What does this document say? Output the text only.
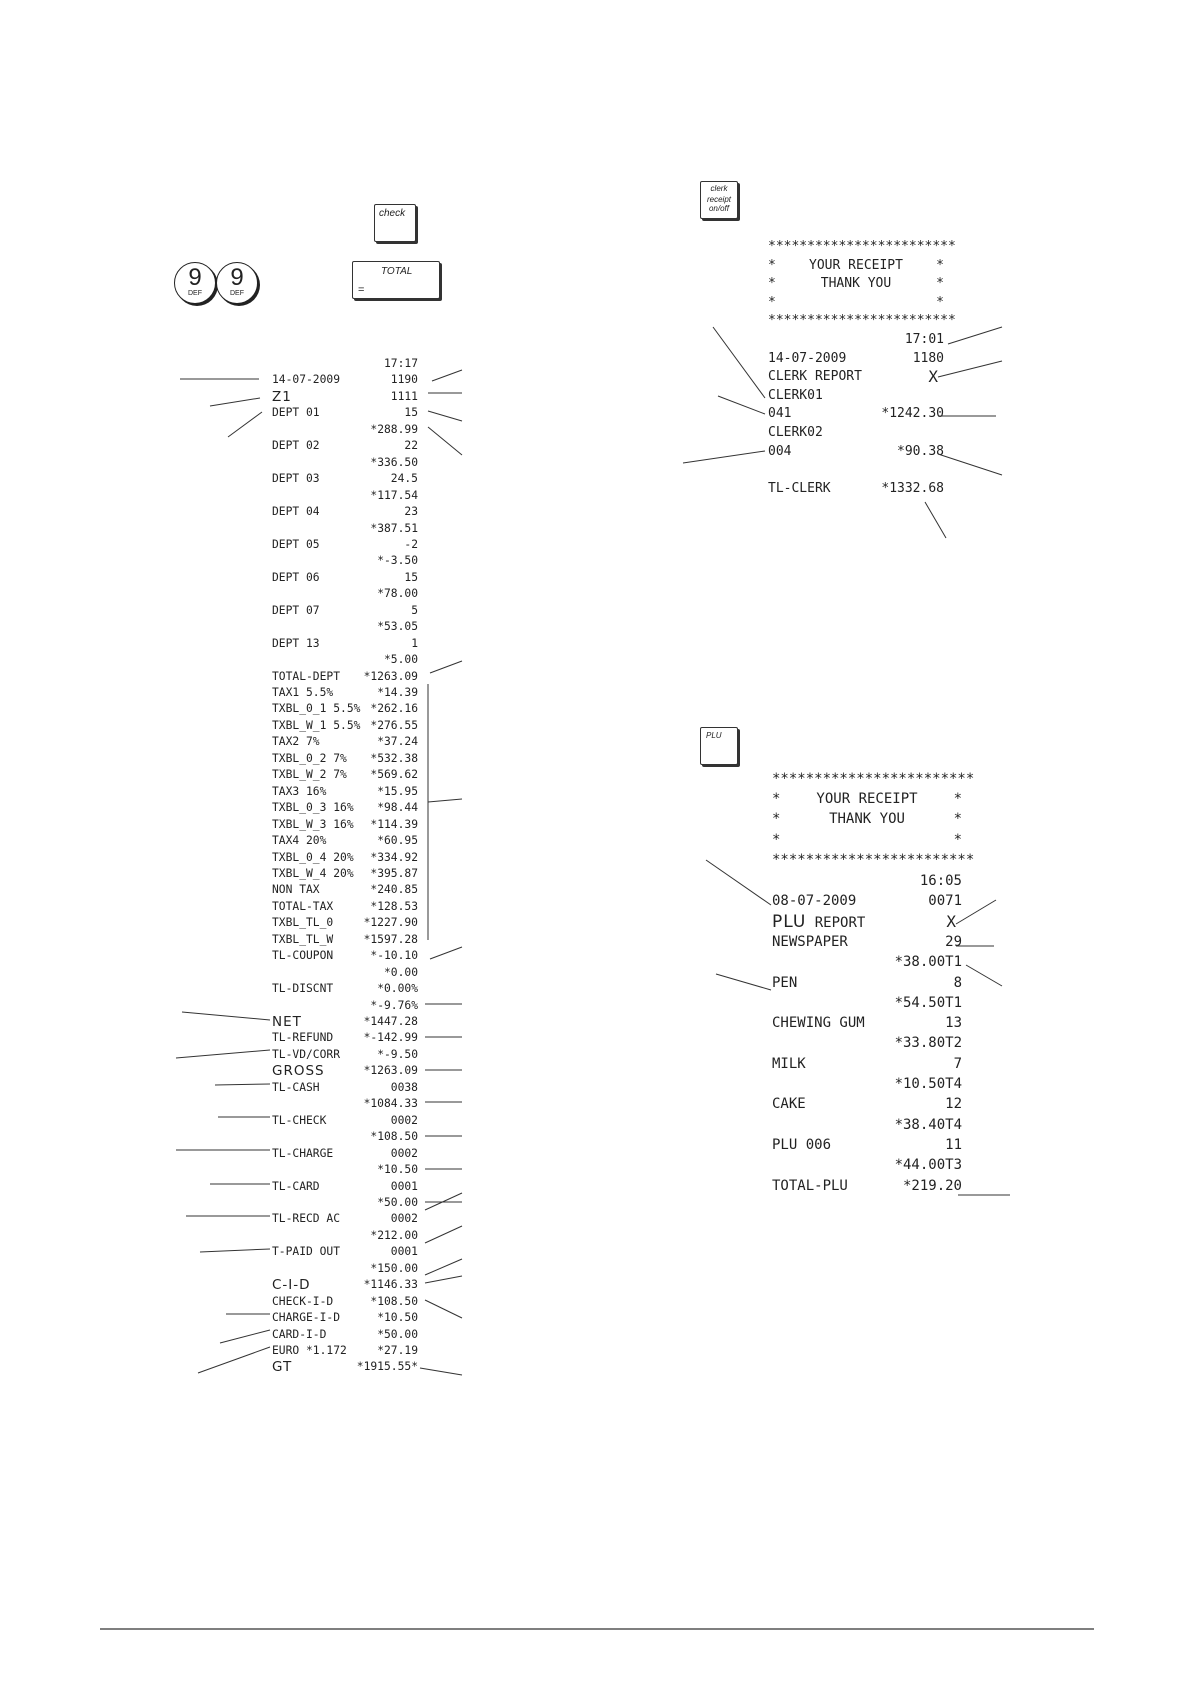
check
9
DEF
9
DEF
TOTAL
=
clerk
receipt
on/off
PLU
17:17
14-07-2009	1190
Z1	1111
DEPT 01	15
*288.99
DEPT 02	22
*336.50
DEPT 03	24.5
*117.54
DEPT 04	23
*387.51
DEPT 05	-2
*-3.50
DEPT 06	15
*78.00
DEPT 07	5
*53.05
DEPT 13	1
*5.00
TOTAL-DEPT *1263.09
TAX1 5.5%	*14.39
TXBL_0_1 5.5% *262.16
TXBL_W_1 5.5% *276.55
TAX2 7%	*37.24
TXBL_0_2 7% *532.38
TXBL_W_2 7% *569.62
TAX3 16%	*15.95
TXBL_0_3 16% *98.44
TXBL_W_3 16% *114.39
TAX4 20%	*60.95
TXBL_0_4 20% *334.92
TXBL_W_4 20% *395.87
NON TAX	*240.85
TOTAL-TAX	*128.53
TXBL_TL_0	*1227.90
TXBL_TL_W	*1597.28
TL-COUPON	*-10.10
*0.00
TL-DISCNT	*0.00%
*-9.76%
NET	*1447.28
TL-REFUND	*-142.99
TL-VD/CORR	*-9.50
GROSS	*1263.09
TL-CASH	0038
*1084.33
TL-CHECK	0002
*108.50
TL-CHARGE	0002
*10.50
TL-CARD	0001
*50.00
TL-RECD AC	0002
*212.00
T-PAID OUT	0001
*150.00
C-I-D	*1146.33
CHECK-I-D	*108.50
CHARGE-I-D	*10.50
CARD-I-D	*50.00
EURO *1.172	*27.19
GT	*1915.55*
************************
*	YOUR RECEIPT	*
*	THANK YOU	*
*	*
************************
17:01
14-07-2009	1180
CLERK REPORT	X
CLERK01
041	*1242.30
CLERK02
004	*90.38
TL-CLERK	*1332.68
************************
*	YOUR RECEIPT	*
*	THANK YOU	*
*	*
************************
16:05
08-07-2009	0071
PLU REPORT	X
NEWSPAPER	29
*38.00T1
PEN	8
*54.50T1
CHEWING GUM	13
*33.80T2
MILK	7
*10.50T4
CAKE	12
*38.40T4
PLU 006	11
*44.00T3
TOTAL-PLU	*219.20
